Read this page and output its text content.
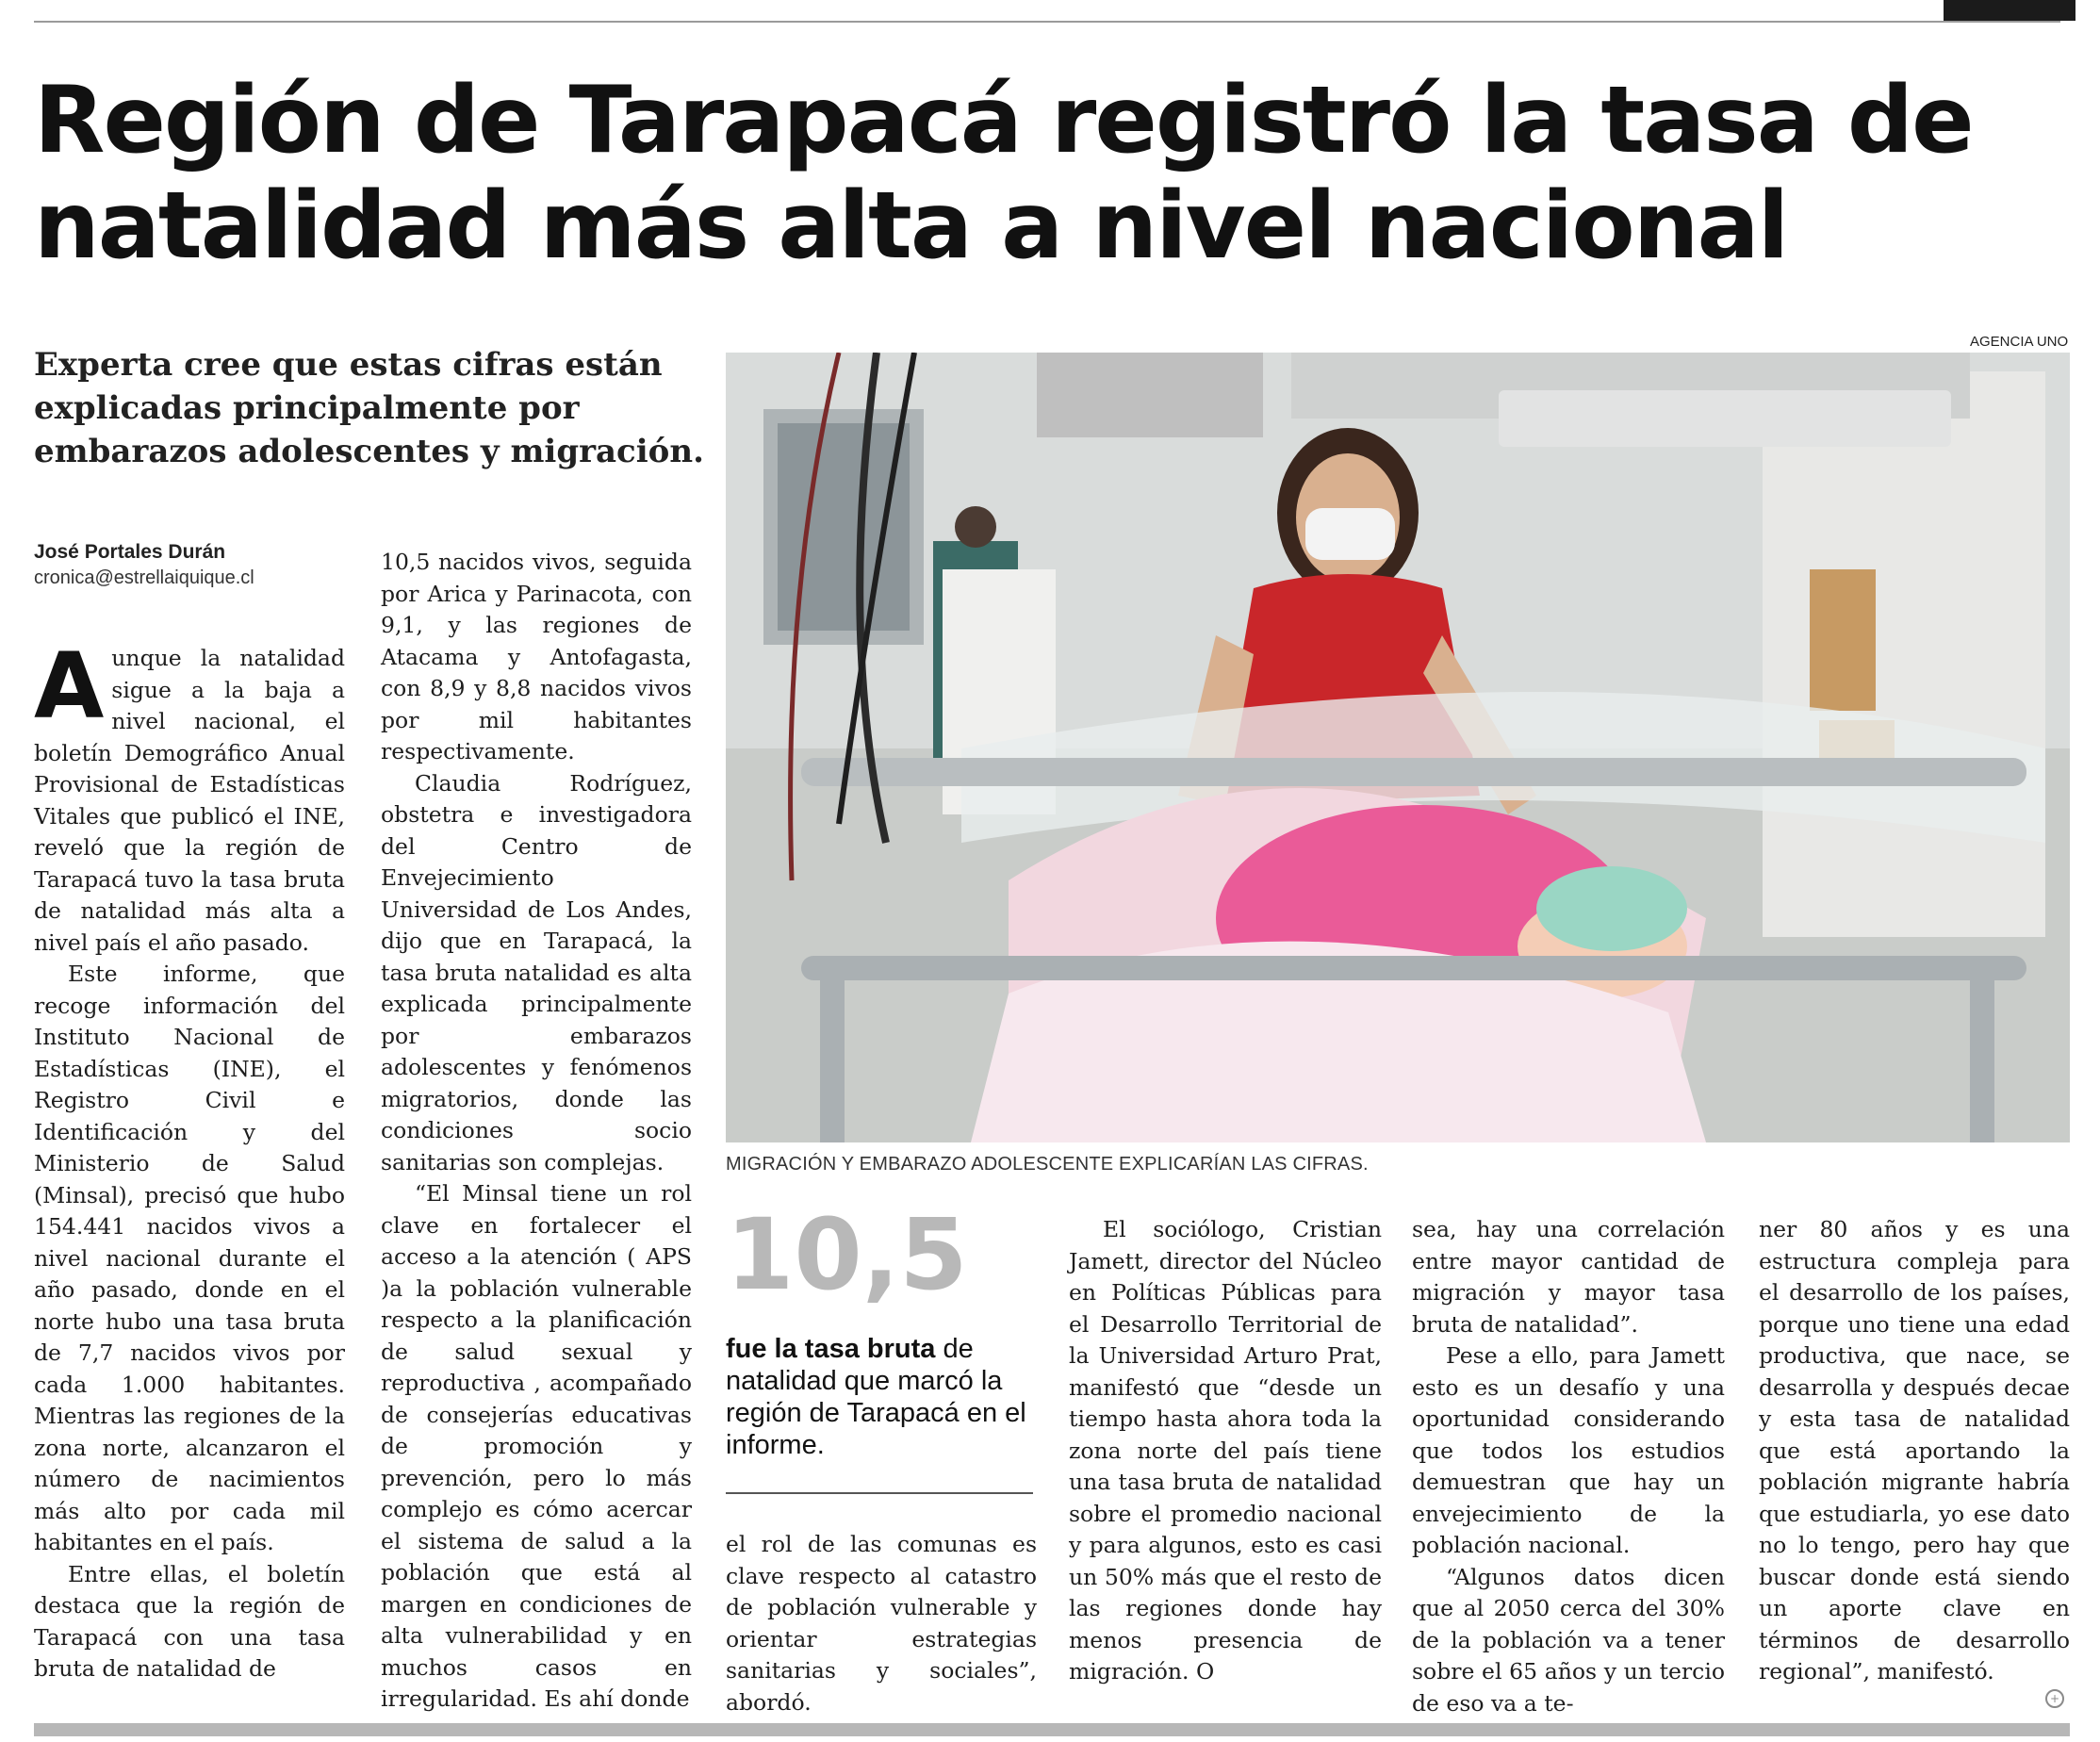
Región de Tarapacá registró la tasa de
natalidad más alta a nivel nacional
Experta cree que estas cifras están
explicadas principalmente por
embarazos adolescentes y migración.
José Portales Durán
cronica@estrellaiquique.cl
AGENCIA UNO
MIGRACIÓN Y EMBARAZO ADOLESCENTE EXPLICARÍAN LAS CIFRAS.

Aunque la natalidad sigue a la baja a nivel nacional, el boletín Demográfico Anual Provisional de Estadísticas Vitales que publicó el INE, reveló que la región de Tarapacá tuvo la tasa bruta de natalidad más alta a nivel país el año pasado.

Este informe, que recoge información del Instituto Nacional de Estadísticas (INE), el Registro Civil e Identificación y del Ministerio de Salud (Minsal), precisó que hubo 154.441 nacidos vivos a nivel nacional durante el año pasado, donde en el norte hubo una tasa bruta de 7,7 nacidos vivos por cada 1.000 habitantes. Mientras las regiones de la zona norte, alcanzaron el número de nacimientos más alto por cada mil habitantes en el país.

Entre ellas, el boletín destaca que la región de Tarapacá con una tasa bruta de natalidad de

10,5 nacidos vivos, seguida por Arica y Parinacota, con 9,1, y las regiones de Atacama y Antofagasta, con 8,9 y 8,8 nacidos vivos por mil habitantes respectivamente.

Claudia Rodríguez, obstetra e investigadora del Centro de Envejecimiento Universidad de Los Andes, dijo que en Tarapacá, la tasa bruta natalidad es alta explicada principalmente por embarazos adolescentes y fenómenos migratorios, donde las condiciones socio sanitarias son complejas.

“El Minsal tiene un rol clave en fortalecer el acceso a la atención ( APS )a la población vulnerable respecto a la planificación de salud sexual y reproductiva , acompañado de consejerías educativas de promoción y prevención, pero lo más complejo es cómo acercar el sistema de salud a la población que está al margen en condiciones de alta vulnerabilidad y en muchos casos en irregularidad. Es ahí donde

10,5
fue la tasa bruta de natalidad que marcó la región de Tarapacá en el informe.

el rol de las comunas es clave respecto al catastro de población vulnerable y orientar estrategias sanitarias y sociales”, abordó.

El sociólogo, Cristian Jamett, director del Núcleo en Políticas Públicas para el Desarrollo Territorial de la Universidad Arturo Prat, manifestó que “desde un tiempo hasta ahora toda la zona norte del país tiene una tasa bruta de natalidad sobre el promedio nacional y para algunos, esto es casi un 50% más que el resto de las regiones donde hay menos presencia de migración. O

sea, hay una correlación entre mayor cantidad de migración y mayor tasa bruta de natalidad”.

Pese a ello, para Jamett esto es un desafío y una oportunidad considerando que todos los estudios demuestran que hay un envejecimiento de la población nacional.

“Algunos datos dicen que al 2050 cerca del 30% de la población va a tener sobre el 65 años y un tercio de eso va a te-

ner 80 años y es una estructura compleja para el desarrollo de los países, porque uno tiene una edad productiva, que nace, se desarrolla y después decae y esta tasa de natalidad que está aportando la población migrante habría que estudiarla, yo ese dato no lo tengo, pero hay que buscar donde está siendo un aporte clave en términos de desarrollo regional”, manifestó.

+
